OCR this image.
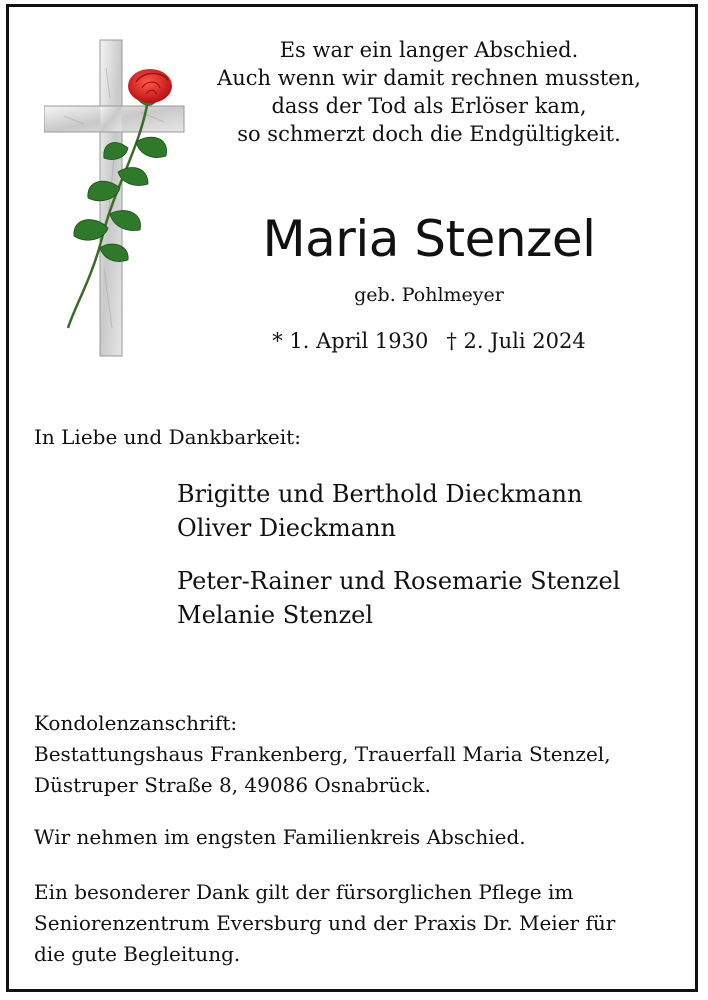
Es war ein langer Abschied.
Auch wenn wir damit rechnen mussten,
dass der Tod als Erlöser kam,
so schmerzt doch die Endgültigkeit.
Maria Stenzel
geb. Pohlmeyer
* 1. April 1930 † 2. Juli 2024
In Liebe und Dankbarkeit:
Brigitte und Berthold Dieckmann
Oliver Dieckmann
Peter-Rainer und Rosemarie Stenzel
Melanie Stenzel
Kondolenzanschrift:
Bestattungshaus Frankenberg, Trauerfall Maria Stenzel,
Düstruper Straße 8, 49086 Osnabrück.
Wir nehmen im engsten Familienkreis Abschied.
Ein besonderer Dank gilt der fürsorglichen Pflege im
Seniorenzentrum Eversburg und der Praxis Dr. Meier für
die gute Begleitung.
